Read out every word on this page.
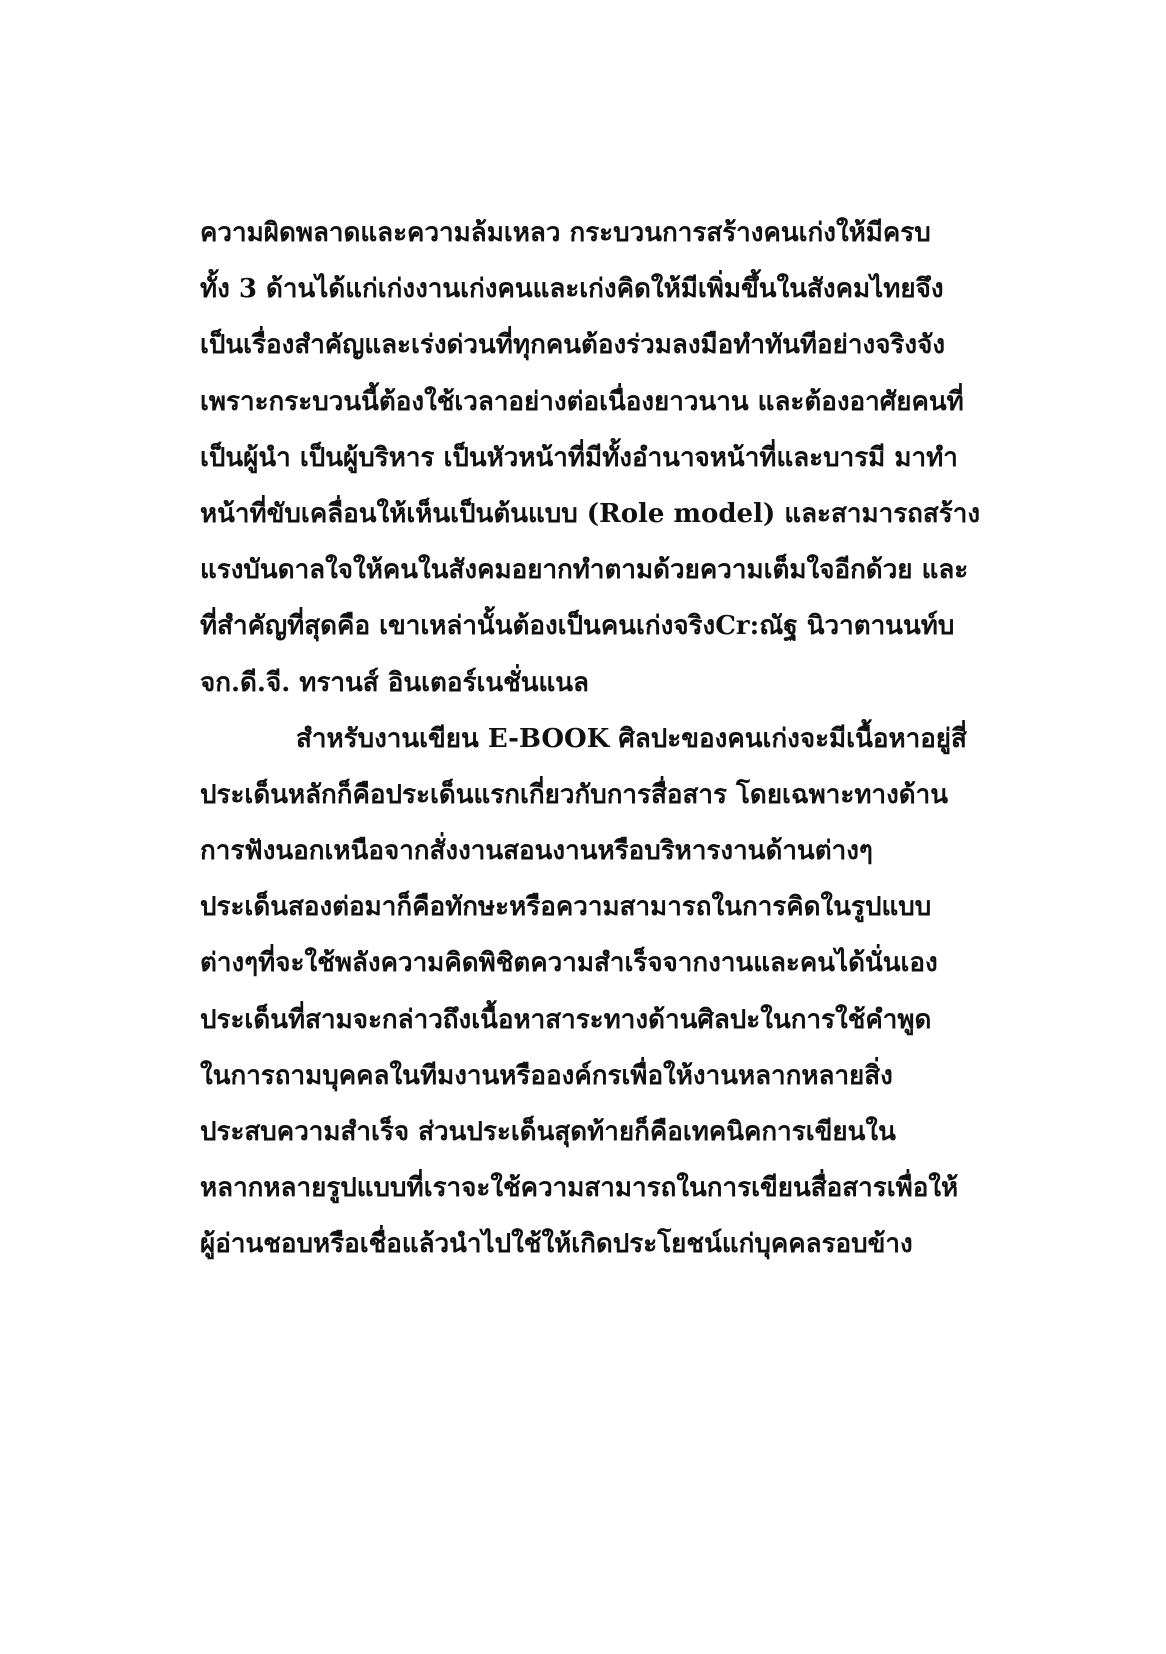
ความผิดพลาดและความล้มเหลว กระบวนการสร้างคนเก่งให้มีครบ
ทั้ง 3 ด้านได้แก่เก่งงานเก่งคนและเก่งคิดให้มีเพิ่มขึ้นในสังคมไทยจึง
เป็นเรื่องสำคัญและเร่งด่วนที่ทุกคนต้องร่วมลงมือทำทันทีอย่างจริงจัง
เพราะกระบวนนี้ต้องใช้เวลาอย่างต่อเนื่องยาวนาน และต้องอาศัยคนที่
เป็นผู้นำ เป็นผู้บริหาร เป็นหัวหน้าที่มีทั้งอำนาจหน้าที่และบารมี มาทำ
หน้าที่ขับเคลื่อนให้เห็นเป็นต้นแบบ (Role model) และสามารถสร้าง
แรงบันดาลใจให้คนในสังคมอยากทำตามด้วยความเต็มใจอีกด้วย และ
ที่สำคัญที่สุดคือ เขาเหล่านั้นต้องเป็นคนเก่งจริงCr:ณัฐ นิวาตานนท์บ
จก.ดี.จี. ทรานส์ อินเตอร์เนชั่นแนล
สำหรับงานเขียน E-BOOK ศิลปะของคนเก่งจะมีเนื้อหาอยู่สี่
ประเด็นหลักก็คือประเด็นแรกเกี่ยวกับการสื่อสาร โดยเฉพาะทางด้าน
การฟังนอกเหนือจากสั่งงานสอนงานหรือบริหารงานด้านต่างๆ
ประเด็นสองต่อมาก็คือทักษะหรือความสามารถในการคิดในรูปแบบ
ต่างๆที่จะใช้พลังความคิดพิชิตความสำเร็จจากงานและคนได้นั่นเอง
ประเด็นที่สามจะกล่าวถึงเนื้อหาสาระทางด้านศิลปะในการใช้คำพูด
ในการถามบุคคลในทีมงานหรือองค์กรเพื่อให้งานหลากหลายสิ่ง
ประสบความสำเร็จ ส่วนประเด็นสุดท้ายก็คือเทคนิคการเขียนใน
หลากหลายรูปแบบที่เราจะใช้ความสามารถในการเขียนสื่อสารเพื่อให้
ผู้อ่านชอบหรือเชื่อแล้วนำไปใช้ให้เกิดประโยชน์แก่บุคคลรอบข้าง
